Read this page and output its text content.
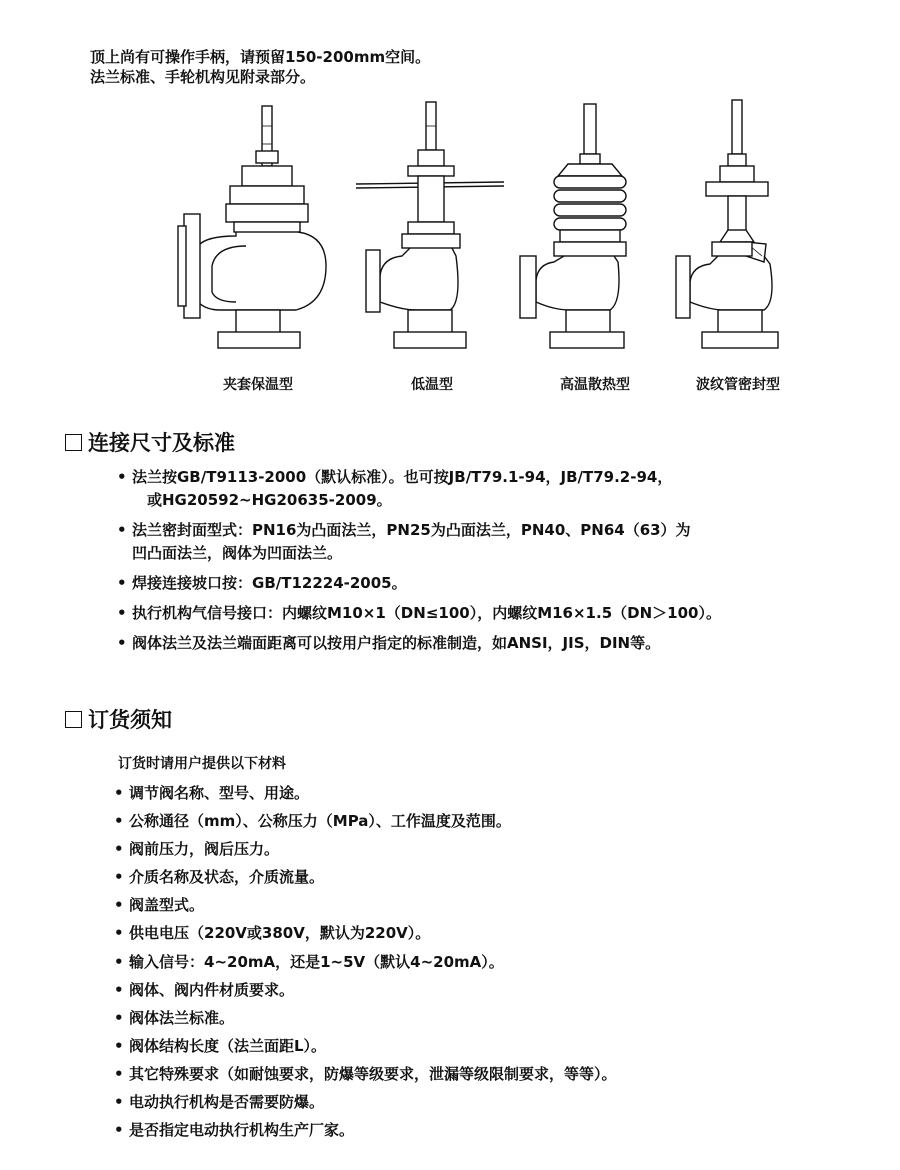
顶上尚有可操作手柄，请预留150-200mm空间。
法兰标准、手轮机构见附录部分。
夹套保温型	低温型	高温散热型	波纹管密封型
连接尺寸及标准
• 法兰按GB/T9113-2000（默认标准）。也可按JB/T79.1-94，JB/T79.2-94，
或HG20592~HG20635-2009。
• 法兰密封面型式：PN16为凸面法兰，PN25为凸面法兰，PN40、PN64（63）为
凹凸面法兰，阀体为凹面法兰。
• 焊接连接坡口按：GB/T12224-2005。
• 执行机构气信号接口：内螺纹M10×1（DN≤100），内螺纹M16×1.5（DN＞100）。
• 阀体法兰及法兰端面距离可以按用户指定的标准制造，如ANSI，JIS，DIN等。
订货须知
订货时请用户提供以下材料
• 调节阀名称、型号、用途。
• 公称通径（mm）、公称压力（MPa）、工作温度及范围。
• 阀前压力，阀后压力。
• 介质名称及状态，介质流量。
• 阀盖型式。
• 供电电压（220V或380V，默认为220V）。
• 输入信号：4~20mA，还是1~5V（默认4~20mA）。
• 阀体、阀内件材质要求。
• 阀体法兰标准。
• 阀体结构长度（法兰面距L）。
• 其它特殊要求（如耐蚀要求，防爆等级要求，泄漏等级限制要求，等等）。
• 电动执行机构是否需要防爆。
• 是否指定电动执行机构生产厂家。
